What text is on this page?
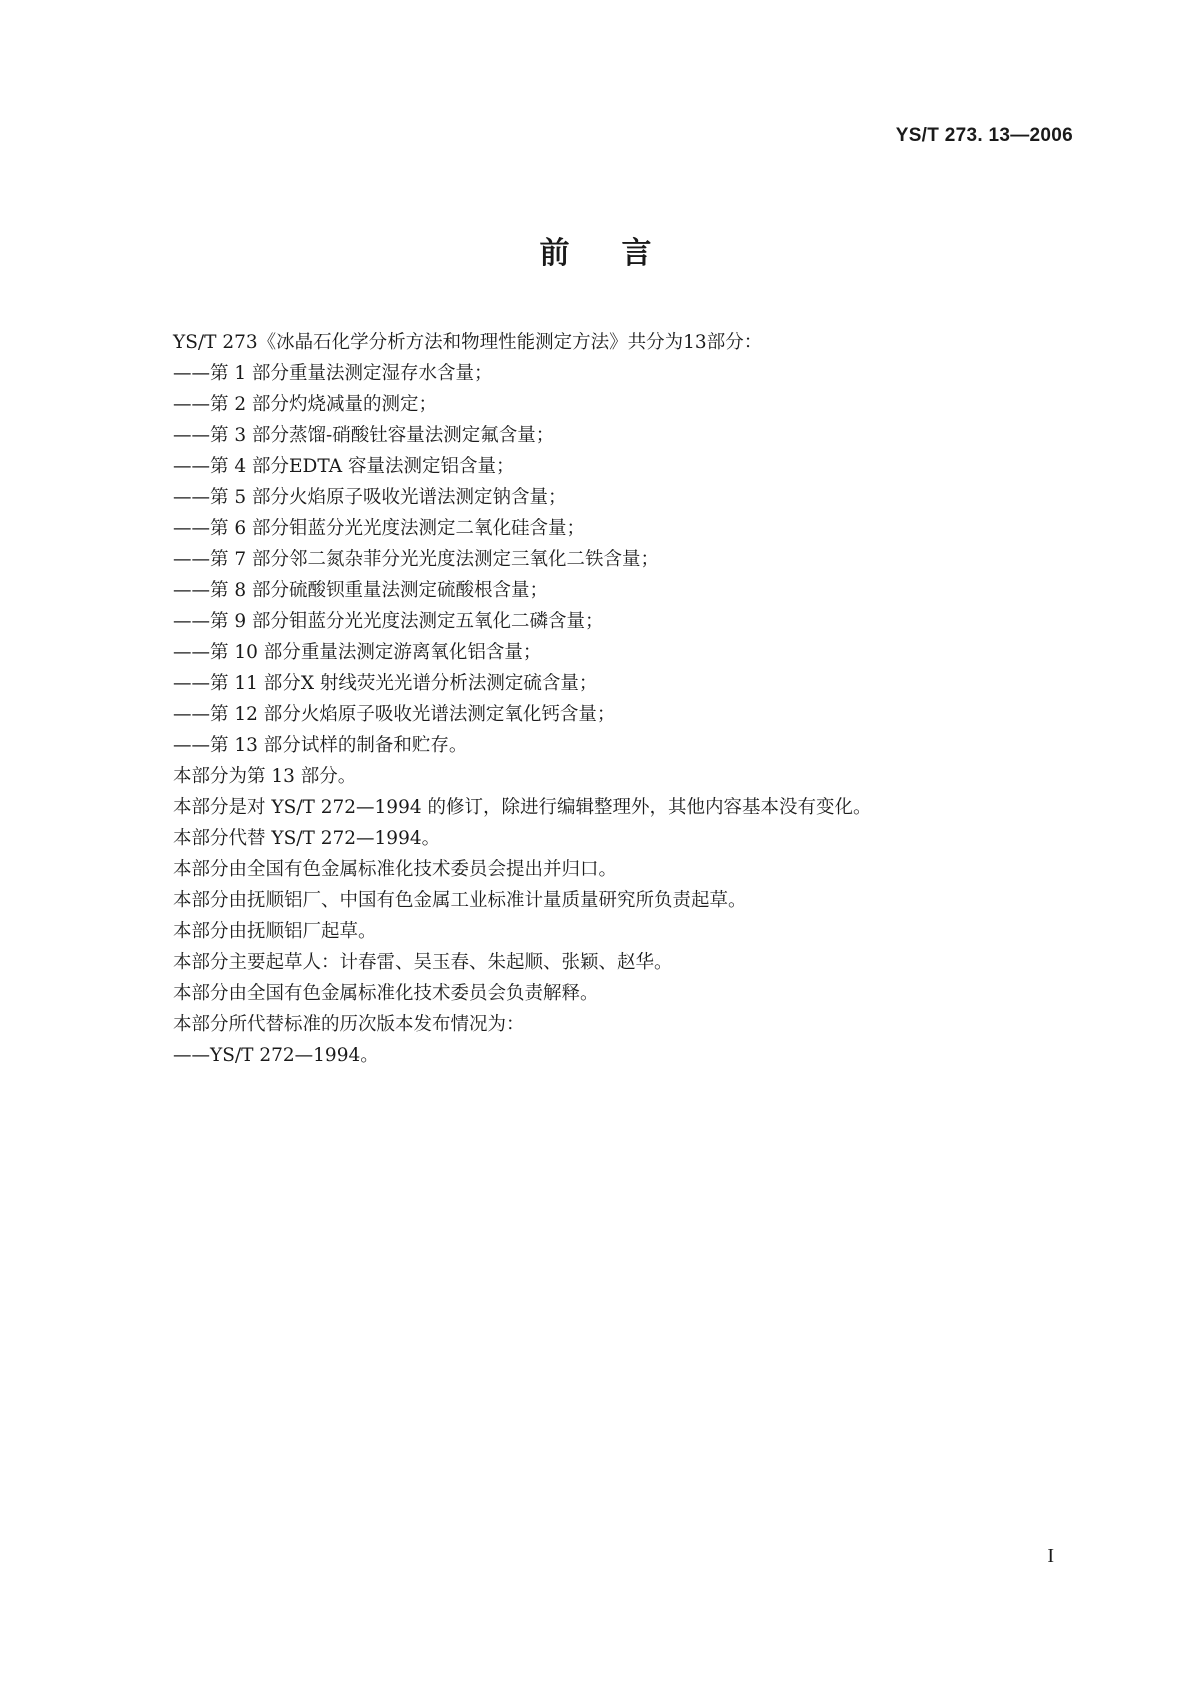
YS/T 273. 13—2006
前言
YS/T 273《冰晶石化学分析方法和物理性能测定方法》共分为13部分：
——第 1 部分重量法测定湿存水含量；
——第 2 部分灼烧减量的测定；
——第 3 部分蒸馏-硝酸钍容量法测定氟含量；
——第 4 部分EDTA 容量法测定铝含量；
——第 5 部分火焰原子吸收光谱法测定钠含量；
——第 6 部分钼蓝分光光度法测定二氧化硅含量；
——第 7 部分邻二氮杂菲分光光度法测定三氧化二铁含量；
——第 8 部分硫酸钡重量法测定硫酸根含量；
——第 9 部分钼蓝分光光度法测定五氧化二磷含量；
——第 10 部分重量法测定游离氧化铝含量；
——第 11 部分X 射线荧光光谱分析法测定硫含量；
——第 12 部分火焰原子吸收光谱法测定氧化钙含量；
——第 13 部分试样的制备和贮存。
本部分为第 13 部分。
本部分是对 YS/T 272—1994 的修订，除进行编辑整理外，其他内容基本没有变化。
本部分代替 YS/T 272—1994。
本部分由全国有色金属标准化技术委员会提出并归口。
本部分由抚顺铝厂、中国有色金属工业标准计量质量研究所负责起草。
本部分由抚顺铝厂起草。
本部分主要起草人：计春雷、吴玉春、朱起顺、张颖、赵华。
本部分由全国有色金属标准化技术委员会负责解释。
本部分所代替标准的历次版本发布情况为：
——YS/T 272—1994。
I
